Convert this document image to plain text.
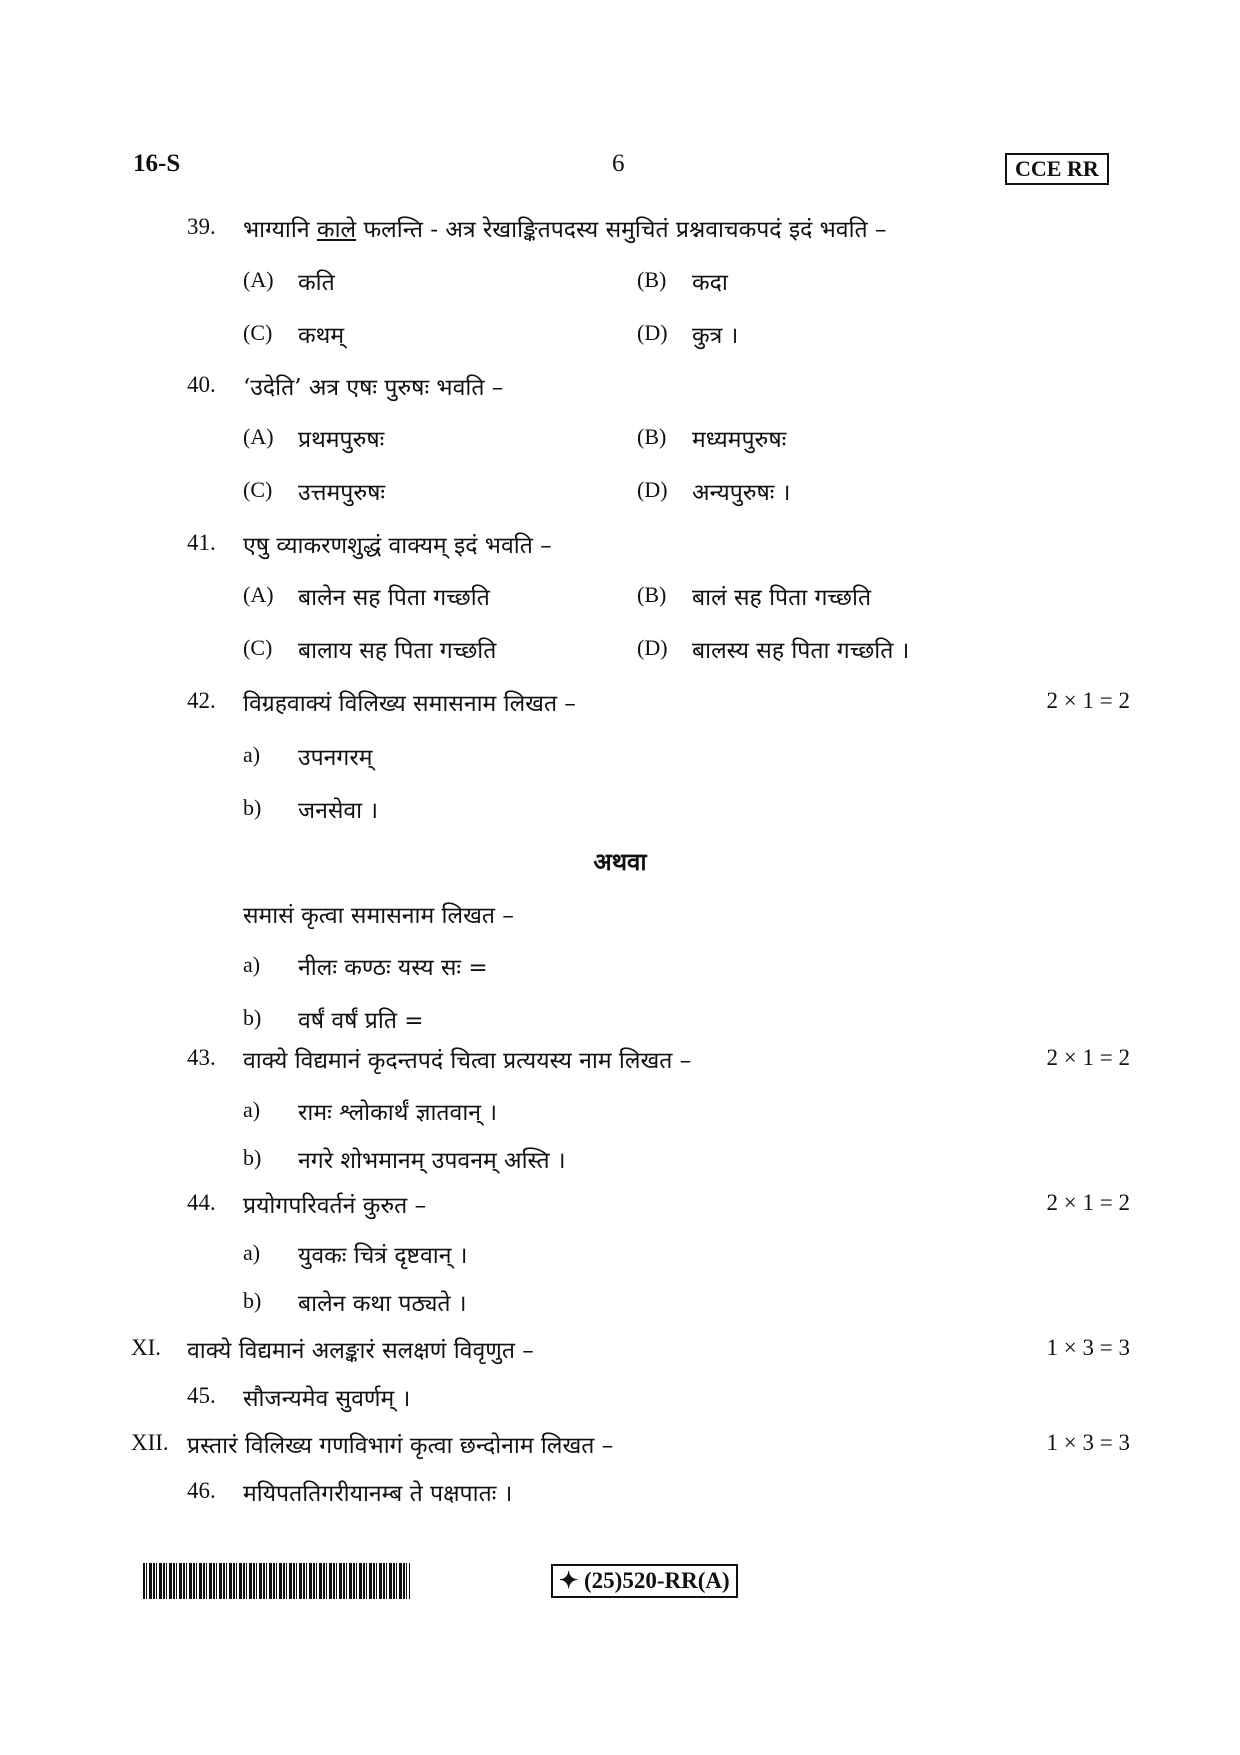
16-S	6	CCE RR
39. भाग्यानि काले फलन्ति - अत्र रेखाङ्कितपदस्य समुचितं प्रश्नवाचकपदं इदं भवति –
(A) कति	(B) कदा
(C) कथम्	(D) कुत्र ।
40. ‘उदेति’ अत्र एषः पुरुषः भवति –
(A) प्रथमपुरुषः	(B) मध्यमपुरुषः
(C) उत्तमपुरुषः	(D) अन्यपुरुषः ।
41. एषु व्याकरणशुद्धं वाक्यम् इदं भवति –
(A) बालेन सह पिता गच्छति	(B) बालं सह पिता गच्छति
(C) बालाय सह पिता गच्छति	(D) बालस्य सह पिता गच्छति ।
42. विग्रहवाक्यं विलिख्य समासनाम लिखत –	2 × 1 = 2
a) उपनगरम्
b) जनसेवा ।
अथवा
समासं कृत्वा समासनाम लिखत –
a) नीलः कण्ठः यस्य सः =
b) वर्षं वर्षं प्रति =
43. वाक्ये विद्यमानं कृदन्तपदं चित्वा प्रत्ययस्य नाम लिखत –	2 × 1 = 2
a) रामः श्लोकार्थं ज्ञातवान् ।
b) नगरे शोभमानम् उपवनम् अस्ति ।
44. प्रयोगपरिवर्तनं कुरुत –	2 × 1 = 2
a) युवकः चित्रं दृष्टवान् ।
b) बालेन कथा पठ्यते ।
XI. वाक्ये विद्यमानं अलङ्कारं सलक्षणं विवृणुत –	1 × 3 = 3
45. सौजन्यमेव सुवर्णम् ।
XII. प्रस्तारं विलिख्य गणविभागं कृत्वा छन्दोनाम लिखत –	1 × 3 = 3
46. मयिपततिगरीयानम्ब ते पक्षपातः ।
✦ (25)520-RR(A)
